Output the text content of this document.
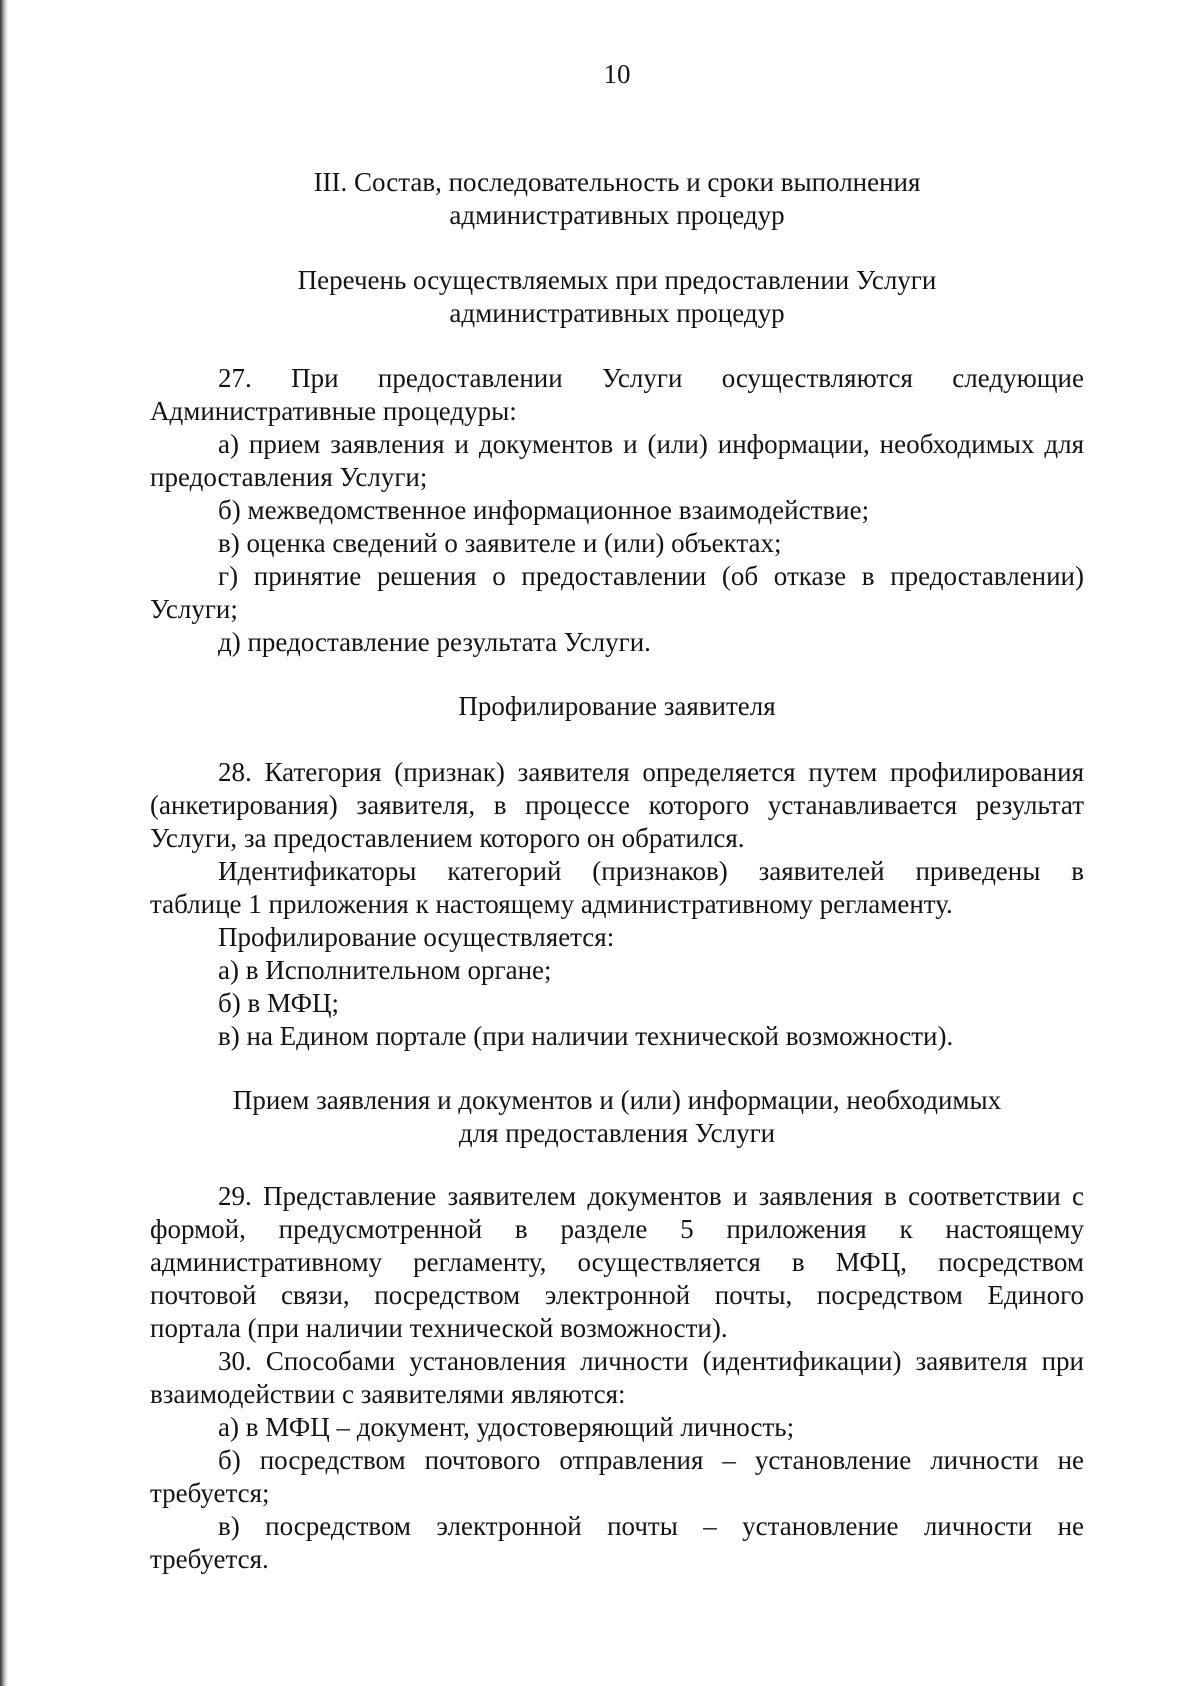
10
III. Состав, последовательность и сроки выполнения
административных процедур
Перечень осуществляемых при предоставлении Услуги
административных процедур
27. При предоставлении Услуги осуществляются следующие
Административные процедуры:
а) прием заявления и документов и (или) информации, необходимых для
предоставления Услуги;
б) межведомственное информационное взаимодействие;
в) оценка сведений о заявителе и (или) объектах;
г) принятие решения о предоставлении (об отказе в предоставлении)
Услуги;
д) предоставление результата Услуги.
Профилирование заявителя
28. Категория (признак) заявителя определяется путем профилирования
(анкетирования) заявителя, в процессе которого устанавливается результат
Услуги, за предоставлением которого он обратился.
Идентификаторы категорий (признаков) заявителей приведены в
таблице 1 приложения к настоящему административному регламенту.
Профилирование осуществляется:
а) в Исполнительном органе;
б) в МФЦ;
в) на Едином портале (при наличии технической возможности).
Прием заявления и документов и (или) информации, необходимых
для предоставления Услуги
29. Представление заявителем документов и заявления в соответствии с
формой, предусмотренной в разделе 5 приложения к настоящему
административному регламенту, осуществляется в МФЦ, посредством
почтовой связи, посредством электронной почты, посредством Единого
портала (при наличии технической возможности).
30. Способами установления личности (идентификации) заявителя при
взаимодействии с заявителями являются:
а) в МФЦ – документ, удостоверяющий личность;
б) посредством почтового отправления – установление личности не
требуется;
в) посредством электронной почты – установление личности не
требуется.
